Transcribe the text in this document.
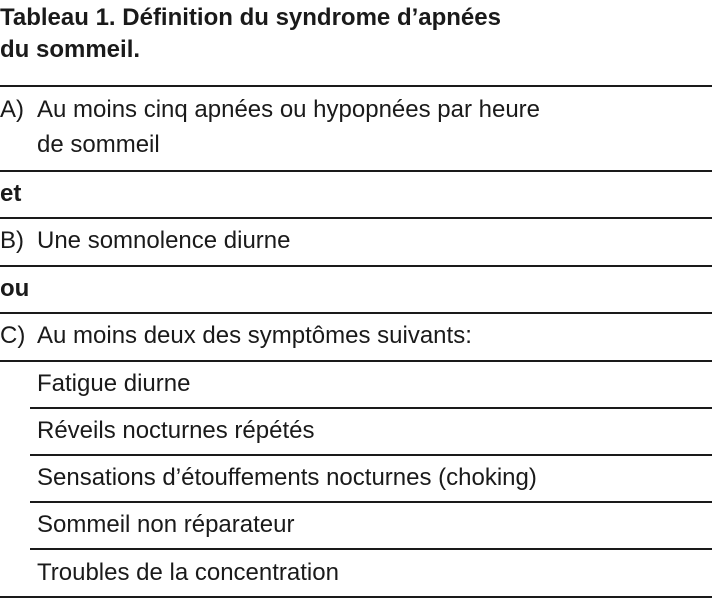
Tableau 1. Définition du syndrome d’apnées
du sommeil.
A) Au moins cinq apnées ou hypopnées par heure
de sommeil
et
B) Une somnolence diurne
ou
C) Au moins deux des symptômes suivants:
Fatigue diurne
Réveils nocturnes répétés
Sensations d’étouffements nocturnes (choking)
Sommeil non réparateur
Troubles de la concentration
